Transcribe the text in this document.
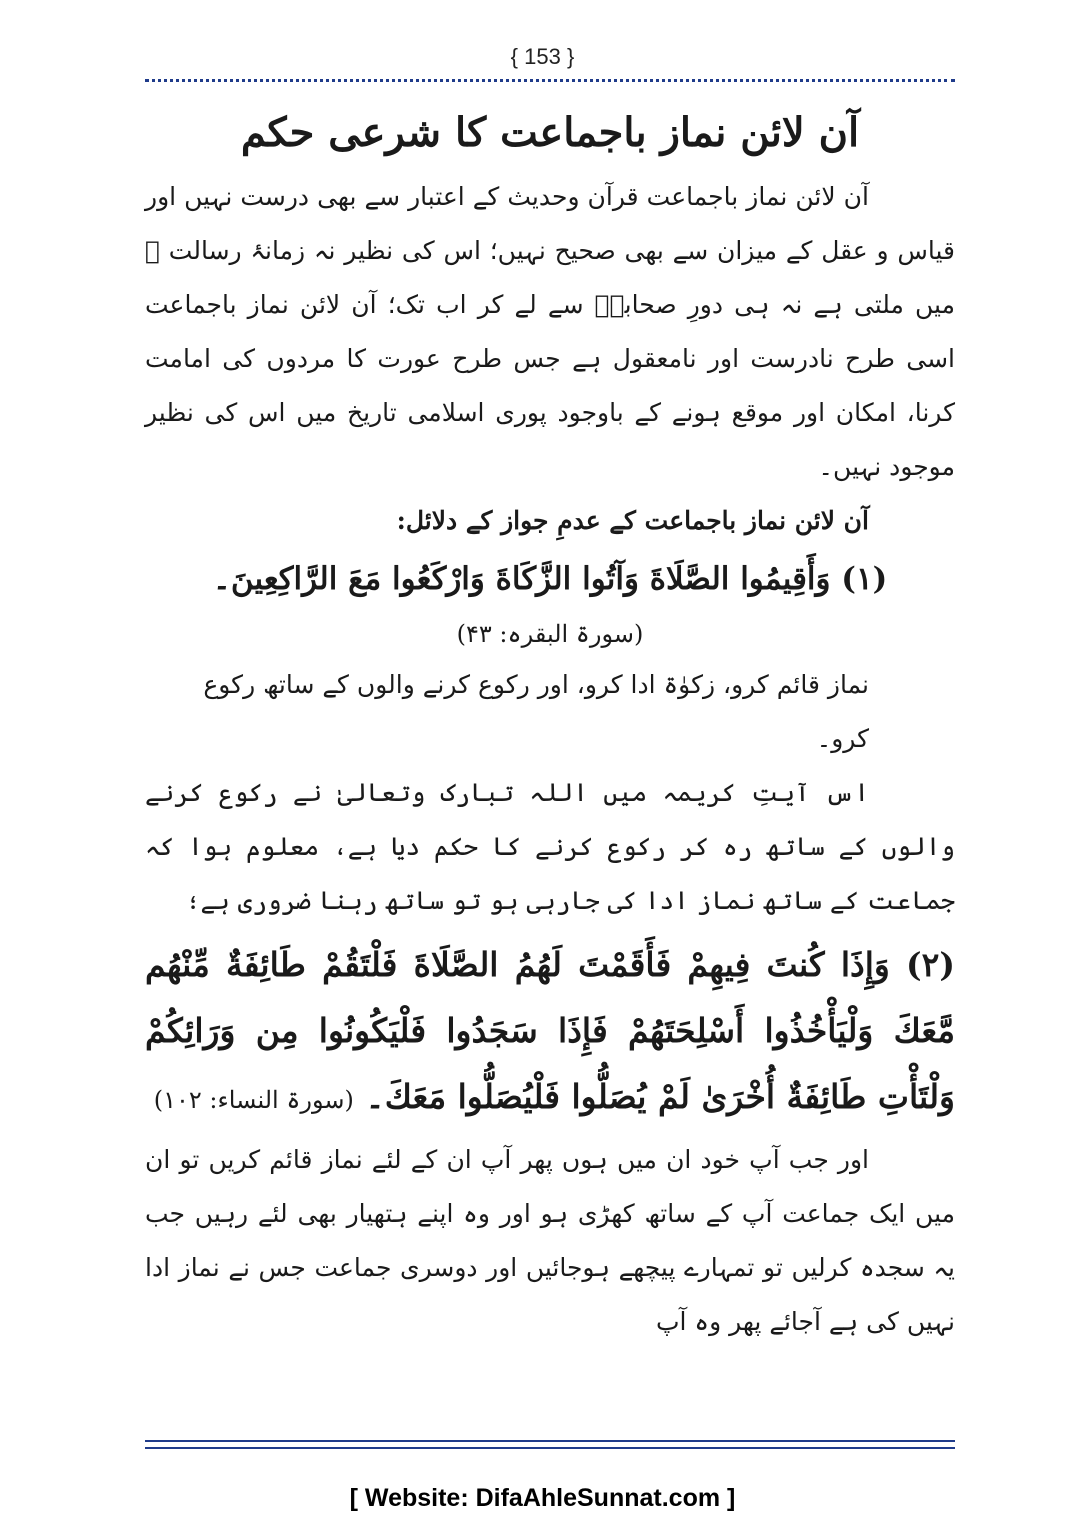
{ 153 }
آن لائن نماز باجماعت کا شرعی حکم

آن لائن نماز باجماعت قرآن وحدیث کے اعتبار سے بھی درست نہیں اور قیاس و عقل کے میزان سے بھی صحیح نہیں؛ اس کی نظیر نہ زمانۂ رسالت ﷺ میں ملتی ہے نہ ہی دورِ صحابہؓ سے لے کر اب تک؛ آن لائن نماز باجماعت اسی طرح نادرست اور نامعقول ہے جس طرح عورت کا مردوں کی امامت کرنا، امکان اور موقع ہونے کے باوجود پوری اسلامی تاریخ میں اس کی نظیر موجود نہیں۔

آن لائن نماز باجماعت کے عدمِ جواز کے دلائل:

(۱) وَأَقِيمُوا الصَّلَاةَ وَآتُوا الزَّكَاةَ وَارْكَعُوا مَعَ الرَّاكِعِينَ۔

(سورۃ البقرہ: ۴۳)

نماز قائم کرو، زکوٰۃ ادا کرو، اور رکوع کرنے والوں کے ساتھ رکوع کرو۔

اس آیتِ کریمہ میں اللہ تبارک وتعالیٰ نے رکوع کرنے والوں کے ساتھ رہ کر رکوع کرنے کا حکم دیا ہے، معلوم ہوا کہ جماعت کے ساتھ نماز ادا کی جارہی ہو تو ساتھ رہنا ضروری ہے؛

(۲) وَإِذَا كُنتَ فِيهِمْ فَأَقَمْتَ لَهُمُ الصَّلَاةَ فَلْتَقُمْ طَائِفَةٌ مِّنْهُم مَّعَكَ وَلْيَأْخُذُوا أَسْلِحَتَهُمْ فَإِذَا سَجَدُوا فَلْيَكُونُوا مِن وَرَائِكُمْ وَلْتَأْتِ طَائِفَةٌ أُخْرَىٰ لَمْ يُصَلُّوا فَلْيُصَلُّوا مَعَكَ۔ (سورۃ النساء: ۱۰۲)

اور جب آپ خود ان میں ہوں پھر آپ ان کے لئے نماز قائم کریں تو ان میں ایک جماعت آپ کے ساتھ کھڑی ہو اور وہ اپنے ہتھیار بھی لئے رہیں جب یہ سجدہ کرلیں تو تمہارے پیچھے ہوجائیں اور دوسری جماعت جس نے نماز ادا نہیں کی ہے آجائے پھر وہ آپ

[ Website: DifaAhleSunnat.com ]
